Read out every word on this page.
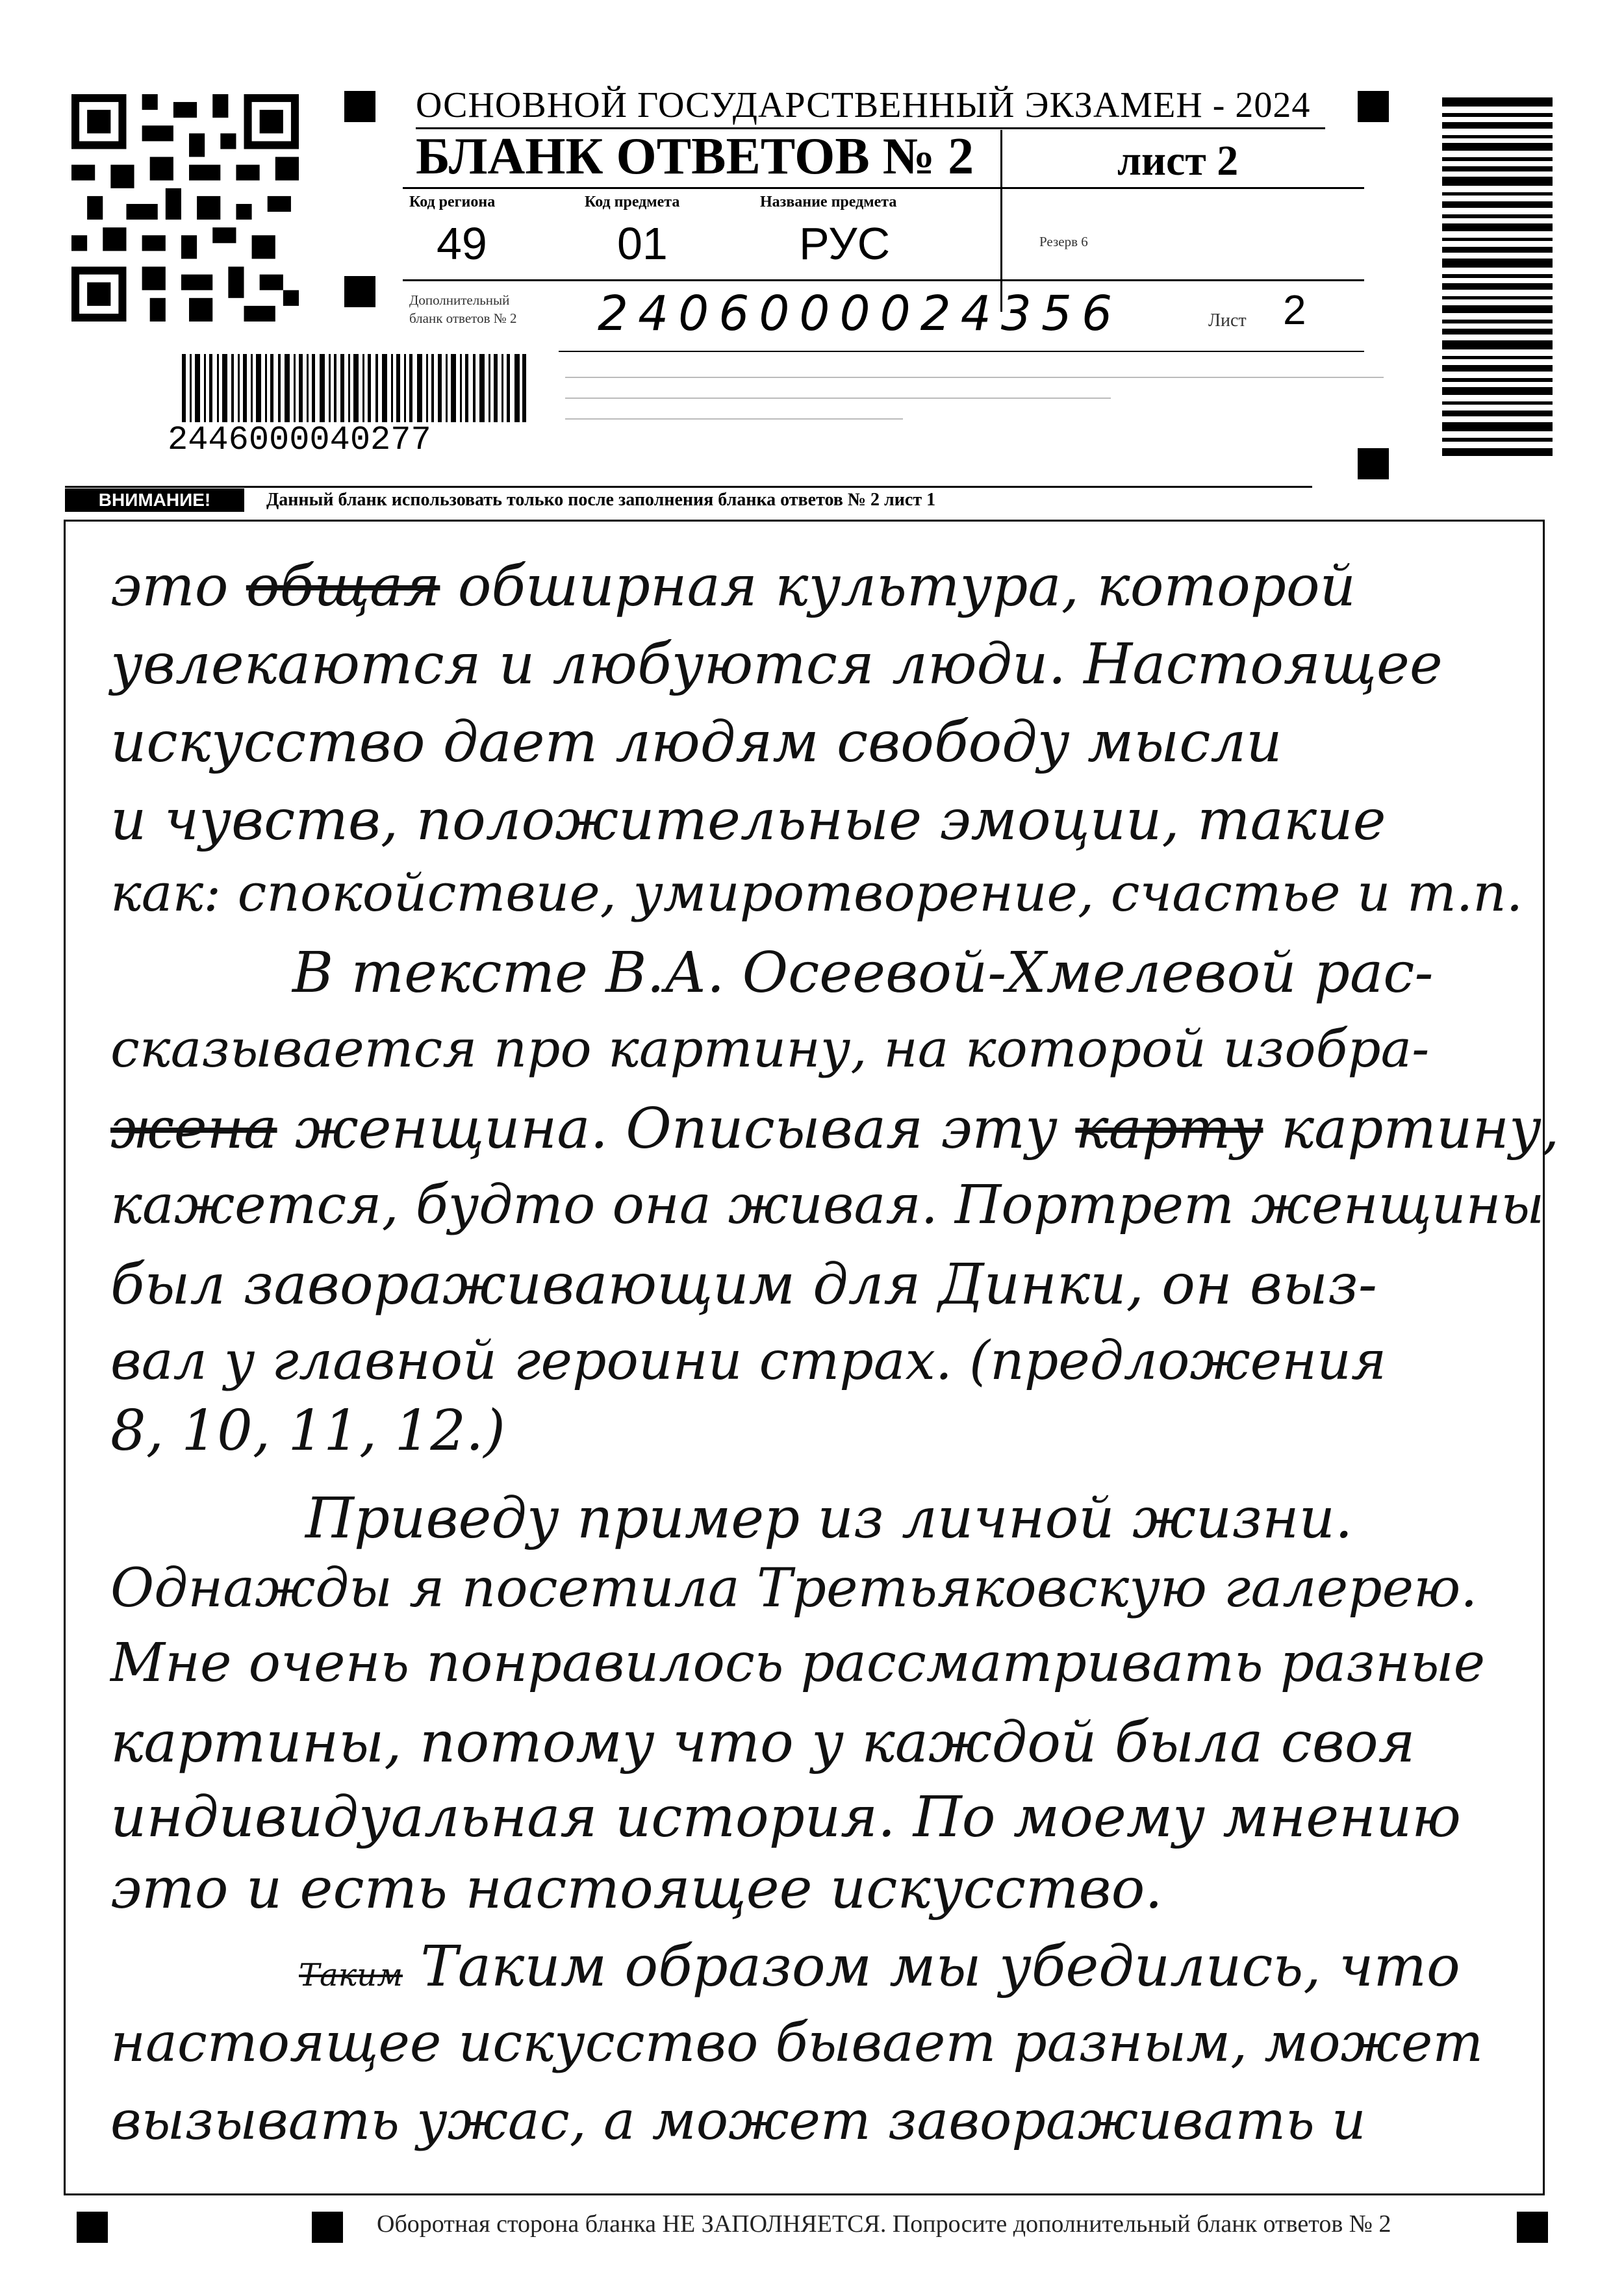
ОСНОВНОЙ ГОСУДАРСТВЕННЫЙ ЭКЗАМЕН - 2024
БЛАНК ОТВЕТОВ № 2	лист 2
Код региона
49
Код предмета
01
Название предмета
РУС	Резерв 6
Дополнительный
бланк ответов № 2 2406000024356	Лист 2
2446000040277
ВНИМАНИЕ!	Данный бланк использовать только после заполнения бланка ответов № 2 лист 1
это общая обширная культура, которой
увлекаются и любуются люди. Настоящее
искусство дает людям свободу мысли
и чувств, положительные эмоции, такие
как: спокойствие, умиротворение, счастье и т.п.
В тексте В.А. Осеевой-Хмелевой рас-
сказывается про картину, на которой изобра-
жена женщина. Описывая эту карту картину,
кажется, будто она живая. Портрет женщины
был завораживающим для Динки, он выз-
вал у главной героини страх. (предложения
8, 10, 11, 12.)
Приведу пример из личной жизни.
Однажды я посетила Третьяковскую галерею.
Мне очень понравилось рассматривать разные
картины, потому что у каждой была своя
индивидуальная история. По моему мнению
это и есть настоящее искусство.
Таким Таким образом мы убедились, что
настоящее искусство бывает разным, может
вызывать ужас, а может завораживать и
Оборотная сторона бланка НЕ ЗАПОЛНЯЕТСЯ. Попросите дополнительный бланк ответов № 2
